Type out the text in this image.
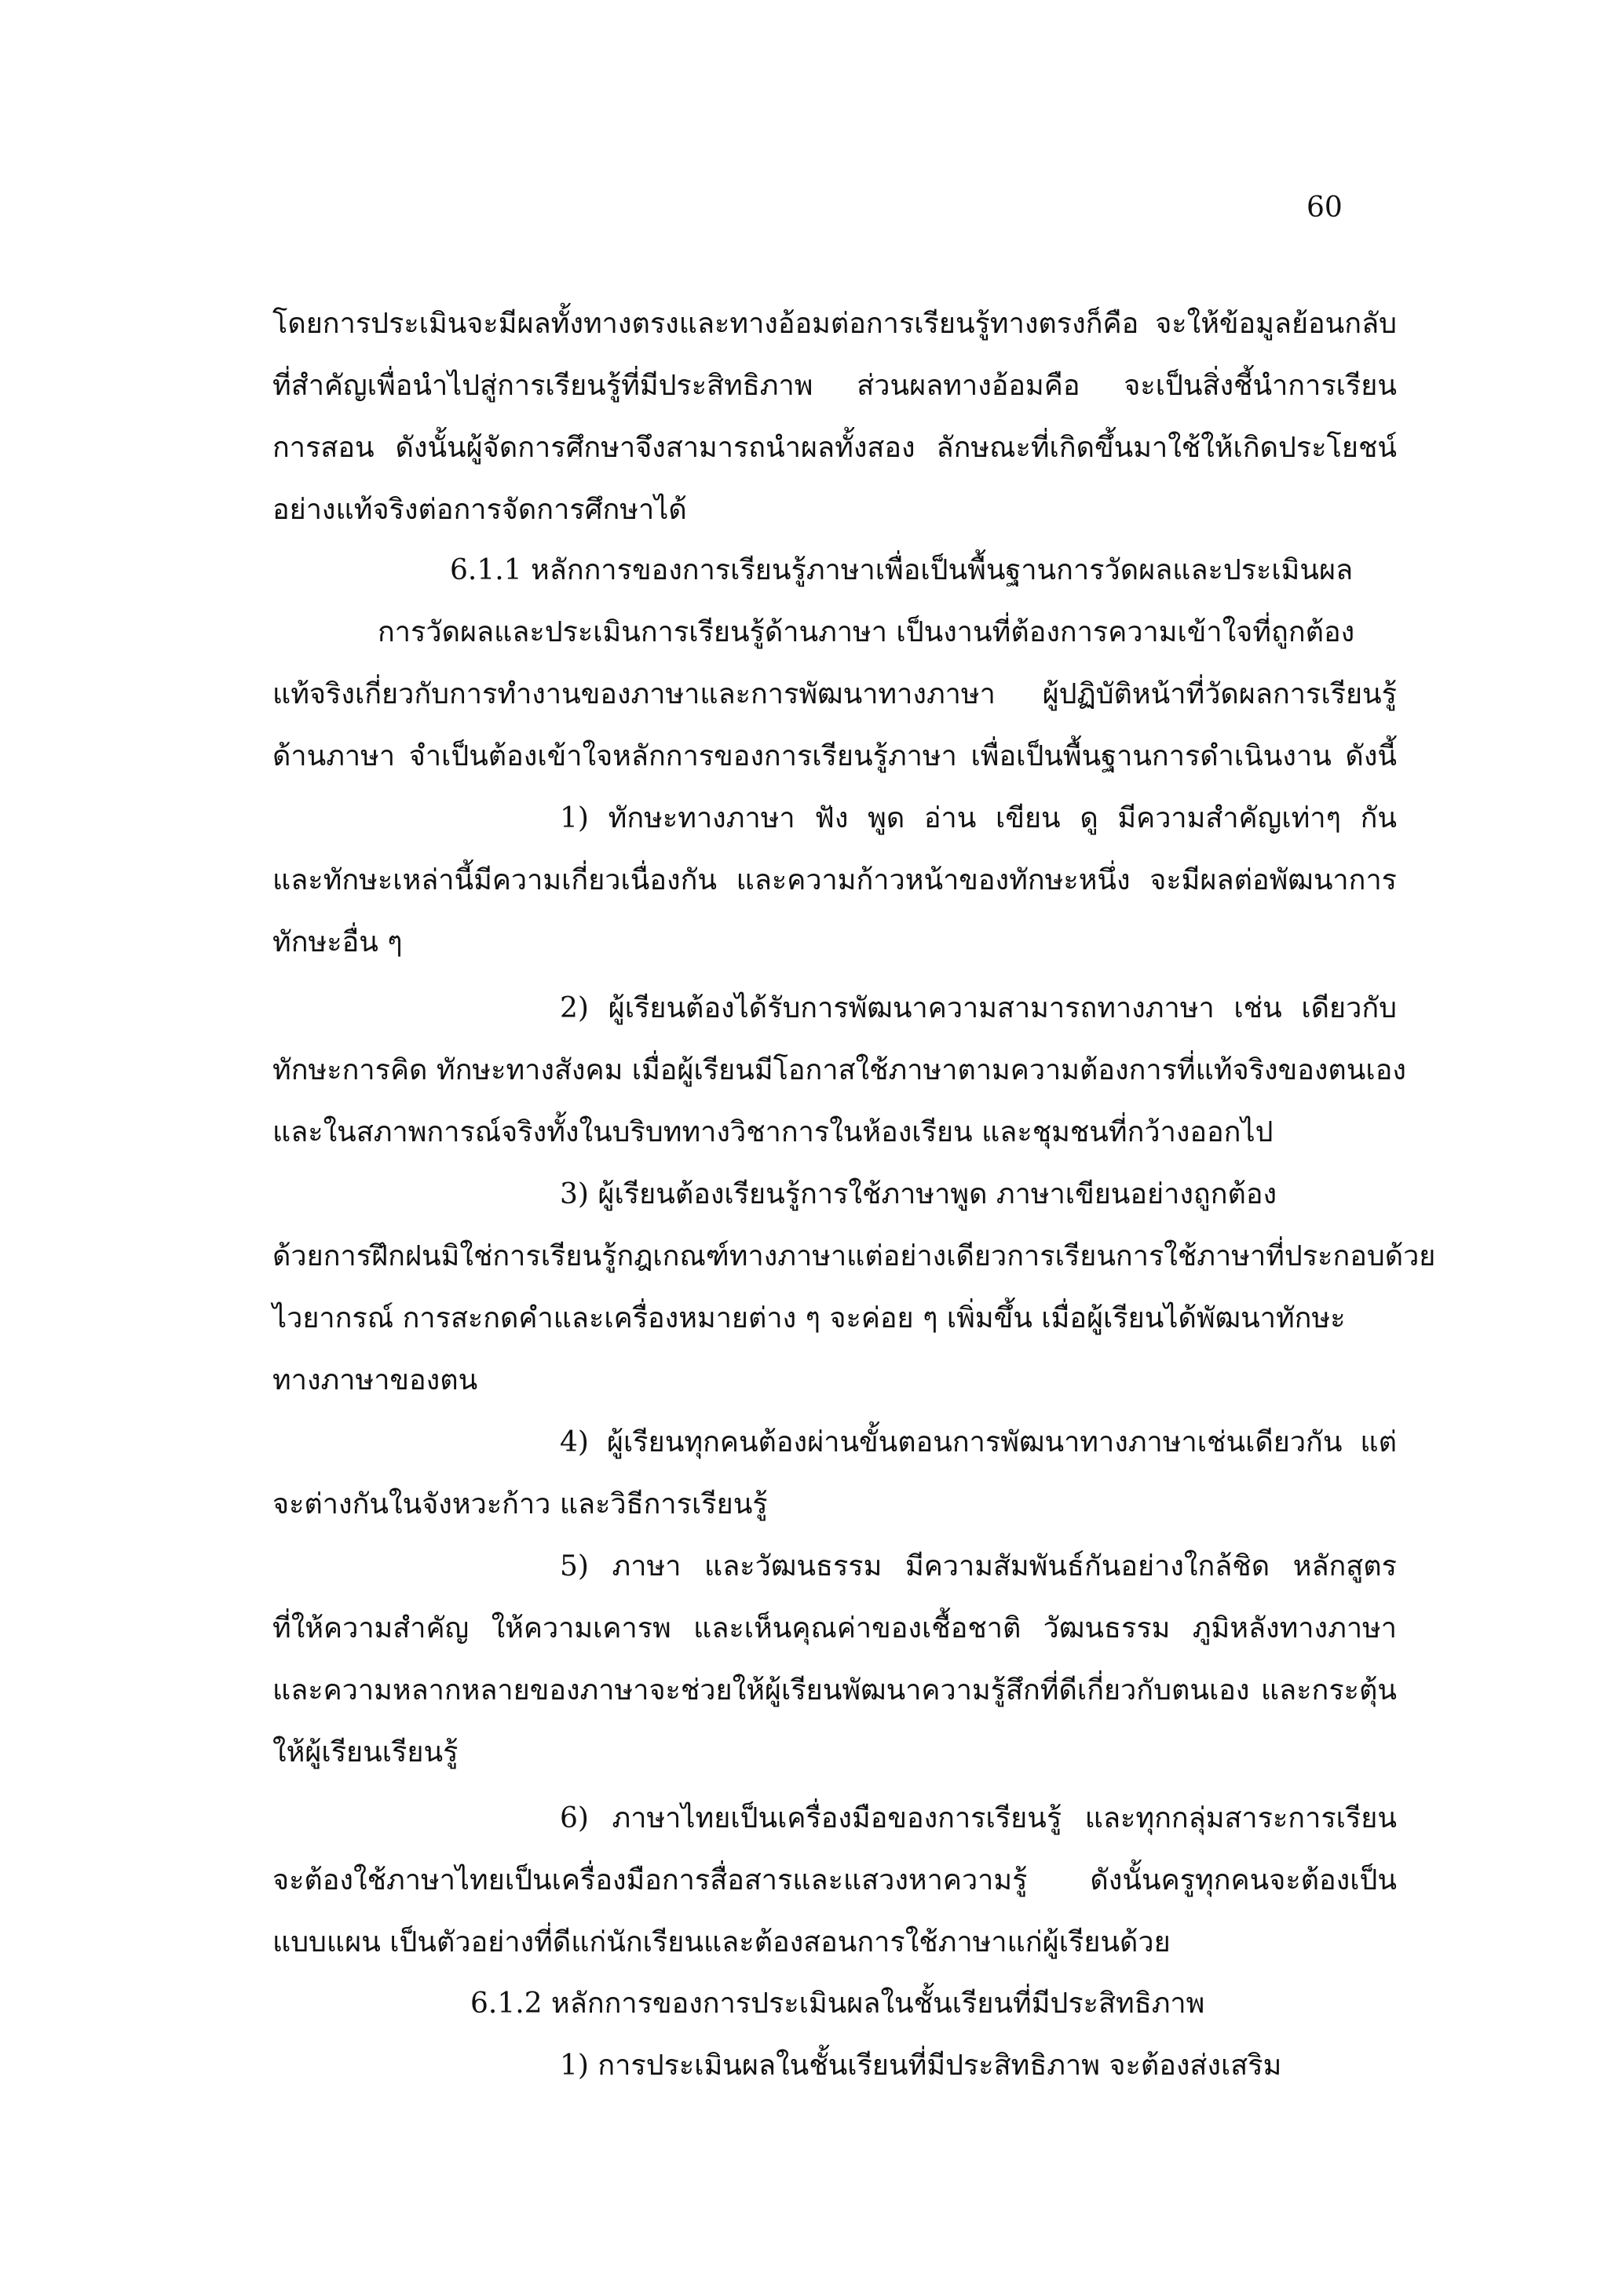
60
โดยการประเมินจะมีผลทั้งทางตรงและทางอ้อมต่อการเรียนรู้ทางตรงก็คือ จะให้ข้อมูลย้อนกลับ
ที่สำคัญเพื่อนำไปสู่การเรียนรู้ที่มีประสิทธิภาพ ส่วนผลทางอ้อมคือ จะเป็นสิ่งชี้นำการเรียน
การสอน ดังนั้นผู้จัดการศึกษาจึงสามารถนำผลทั้งสอง ลักษณะที่เกิดขึ้นมาใช้ให้เกิดประโยชน์
อย่างแท้จริงต่อการจัดการศึกษาได้
6.1.1 หลักการของการเรียนรู้ภาษาเพื่อเป็นพื้นฐานการวัดผลและประเมินผล
การวัดผลและประเมินการเรียนรู้ด้านภาษา เป็นงานที่ต้องการความเข้าใจที่ถูกต้อง
แท้จริงเกี่ยวกับการทำงานของภาษาและการพัฒนาทางภาษา ผู้ปฏิบัติหน้าที่วัดผลการเรียนรู้
ด้านภาษา จำเป็นต้องเข้าใจหลักการของการเรียนรู้ภาษา เพื่อเป็นพื้นฐานการดำเนินงาน ดังนี้
1) ทักษะทางภาษา ฟัง พูด อ่าน เขียน ดู มีความสำคัญเท่าๆ กัน
และทักษะเหล่านี้มีความเกี่ยวเนื่องกัน และความก้าวหน้าของทักษะหนึ่ง จะมีผลต่อพัฒนาการ
ทักษะอื่น ๆ
2) ผู้เรียนต้องได้รับการพัฒนาความสามารถทางภาษา เช่น เดียวกับ
ทักษะการคิด ทักษะทางสังคม เมื่อผู้เรียนมีโอกาสใช้ภาษาตามความต้องการที่แท้จริงของตนเอง
และในสภาพการณ์จริงทั้งในบริบททางวิชาการในห้องเรียน และชุมชนที่กว้างออกไป
3) ผู้เรียนต้องเรียนรู้การใช้ภาษาพูด ภาษาเขียนอย่างถูกต้อง
ด้วยการฝึกฝนมิใช่การเรียนรู้กฎเกณฑ์ทางภาษาแต่อย่างเดียวการเรียนการใช้ภาษาที่ประกอบด้วย
ไวยากรณ์ การสะกดคำและเครื่องหมายต่าง ๆ จะค่อย ๆ เพิ่มขึ้น เมื่อผู้เรียนได้พัฒนาทักษะ
ทางภาษาของตน
4) ผู้เรียนทุกคนต้องผ่านขั้นตอนการพัฒนาทางภาษาเช่นเดียวกัน แต่
จะต่างกันในจังหวะก้าว และวิธีการเรียนรู้
5) ภาษา และวัฒนธรรม มีความสัมพันธ์กันอย่างใกล้ชิด หลักสูตร
ที่ให้ความสำคัญ ให้ความเคารพ และเห็นคุณค่าของเชื้อชาติ วัฒนธรรม ภูมิหลังทางภาษา
และความหลากหลายของภาษาจะช่วยให้ผู้เรียนพัฒนาความรู้สึกที่ดีเกี่ยวกับตนเอง และกระตุ้น
ให้ผู้เรียนเรียนรู้
6) ภาษาไทยเป็นเครื่องมือของการเรียนรู้ และทุกกลุ่มสาระการเรียน
จะต้องใช้ภาษาไทยเป็นเครื่องมือการสื่อสารและแสวงหาความรู้ ดังนั้นครูทุกคนจะต้องเป็น
แบบแผน เป็นตัวอย่างที่ดีแก่นักเรียนและต้องสอนการใช้ภาษาแก่ผู้เรียนด้วย
6.1.2 หลักการของการประเมินผลในชั้นเรียนที่มีประสิทธิภาพ
1) การประเมินผลในชั้นเรียนที่มีประสิทธิภาพ จะต้องส่งเสริม
